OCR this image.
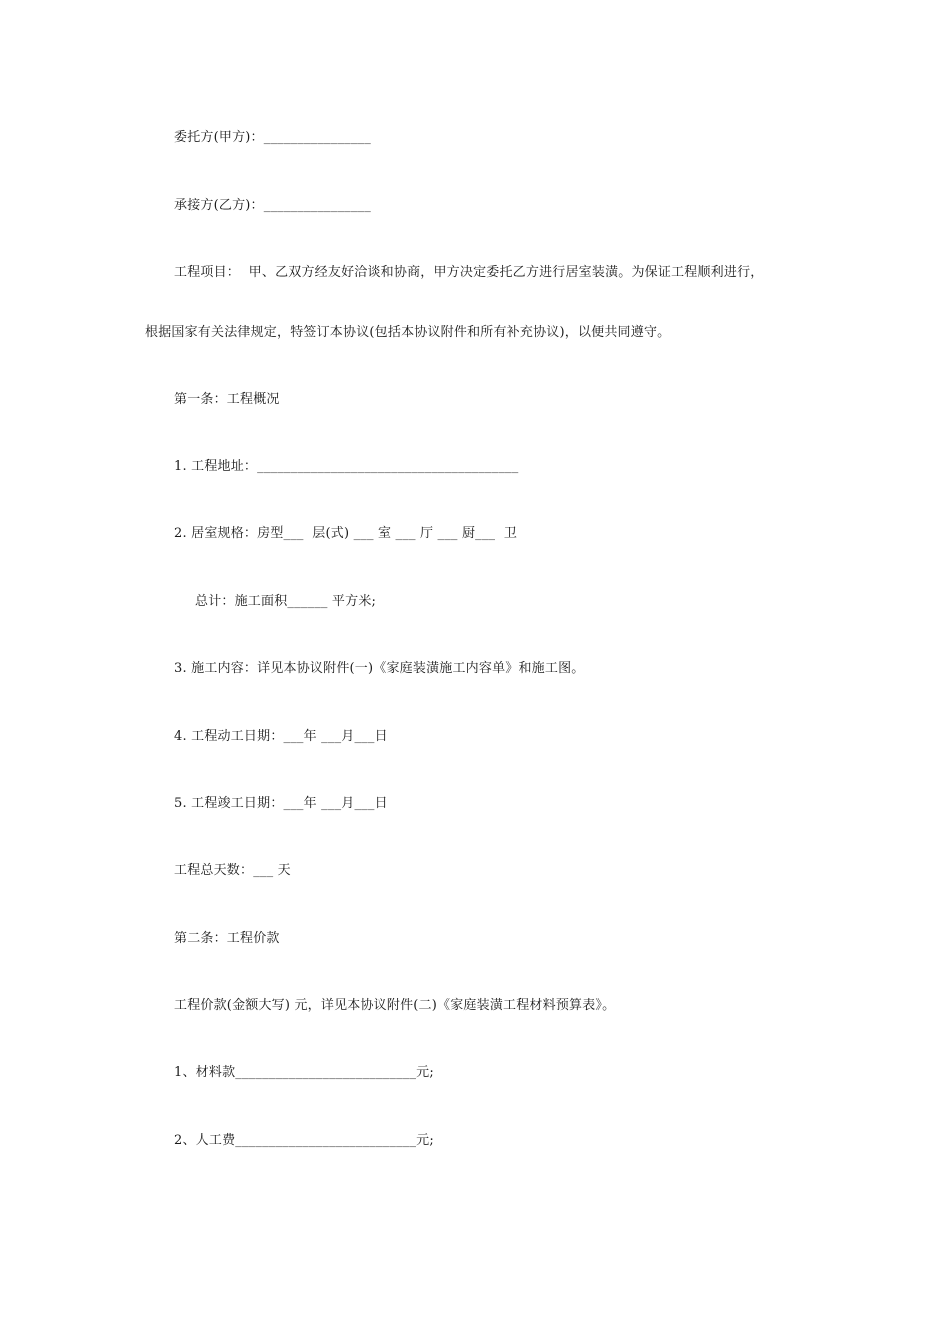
委托方(甲方)：________________
承接方(乙方)：________________
工程项目：  甲、乙双方经友好洽谈和协商，甲方决定委托乙方进行居室装潢。为保证工程顺利进行，
根据国家有关法律规定，特签订本协议(包括本协议附件和所有补充协议)，以便共同遵守。
第一条：工程概况
1. 工程地址：_______________________________________
2. 居室规格：房型___  层(式) ___ 室 ___ 厅 ___ 厨___  卫
总计：施工面积______ 平方米;
3. 施工内容：详见本协议附件(一)《家庭装潢施工内容单》和施工图。
4. 工程动工日期：___年 ___月___日
5. 工程竣工日期：___年 ___月___日
工程总天数：___ 天
第二条：工程价款
工程价款(金额大写) 元，详见本协议附件(二)《家庭装潢工程材料预算表》。
1、材料款___________________________元;
2、人工费___________________________元;
